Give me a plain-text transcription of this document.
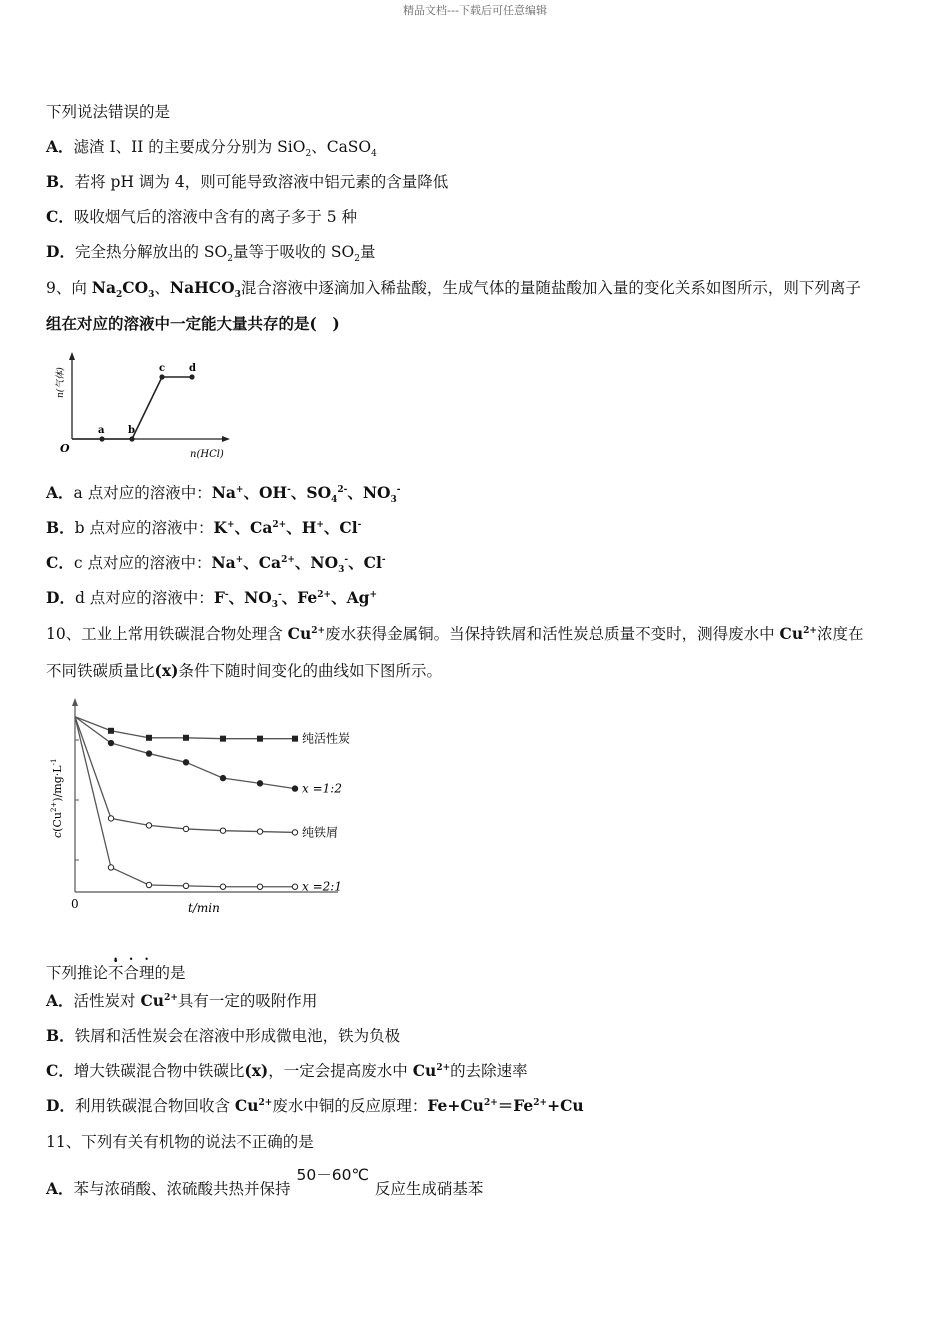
精品文档---下载后可任意编辑
下列说法错误的是
A．滤渣 I、II 的主要成分分别为 SiO$_2$、CaSO$_4$
B．若将 pH 调为 4，则可能导致溶液中铝元素的含量降低
C．吸收烟气后的溶液中含有的离子多于 5 种
D．完全热分解放出的 $SO_2$量等于吸收的 $SO_2$量
9、向 $Na_2CO_3$、NaHCO$_3$混合溶液中逐滴加入稀盐酸，生成气体的量随盐酸加入量的变化关系如图所示，则下列离子
组在对应的溶液中一定能大量共存的是(　)
a b
c d
O	n(HCl)
n(气体)
A．a 点对应的溶液中：Na+、OH-、$SO_4^{2-}$、$NO_3^-$
B．b 点对应的溶液中：K+、$Ca^{2+}$、H+、Cl-
C．c 点对应的溶液中：Na+、$Ca^{2+}$、$NO_3^-$、Cl-
D．d 点对应的溶液中：F-、$NO_3^-$、$Fe^{2+}$、Ag+
10、工业上常用铁碳混合物处理含 $Cu^{2+}$废水获得金属铜。当保持铁屑和活性炭总质量不变时，测得废水中 $Cu^{2+}$浓度在
不同铁碳质量比(x)条件下随时间变化的曲线如下图所示。
纯活性炭
x =1:2
纯铁屑
x =2:1
0	t/min
$c(Cu^{2+})/mg\cdot L^{-1}$
下列推论不合理的是
A．活性炭对 $Cu^{2+}$具有一定的吸附作用
B．铁屑和活性炭会在溶液中形成微电池，铁为负极
C．增大铁碳混合物中铁碳比(x)，一定会提高废水中 $Cu^{2+}$的去除速率
D．利用铁碳混合物回收含 $Cu^{2+}$废水中铜的反应原理：$Fe+Cu^{2+}=Fe^{2+}+Cu$
11、下列有关有机物的说法不正确的是
A．苯与浓硝酸、浓硫酸共热并保持50－60℃反应生成硝基苯
